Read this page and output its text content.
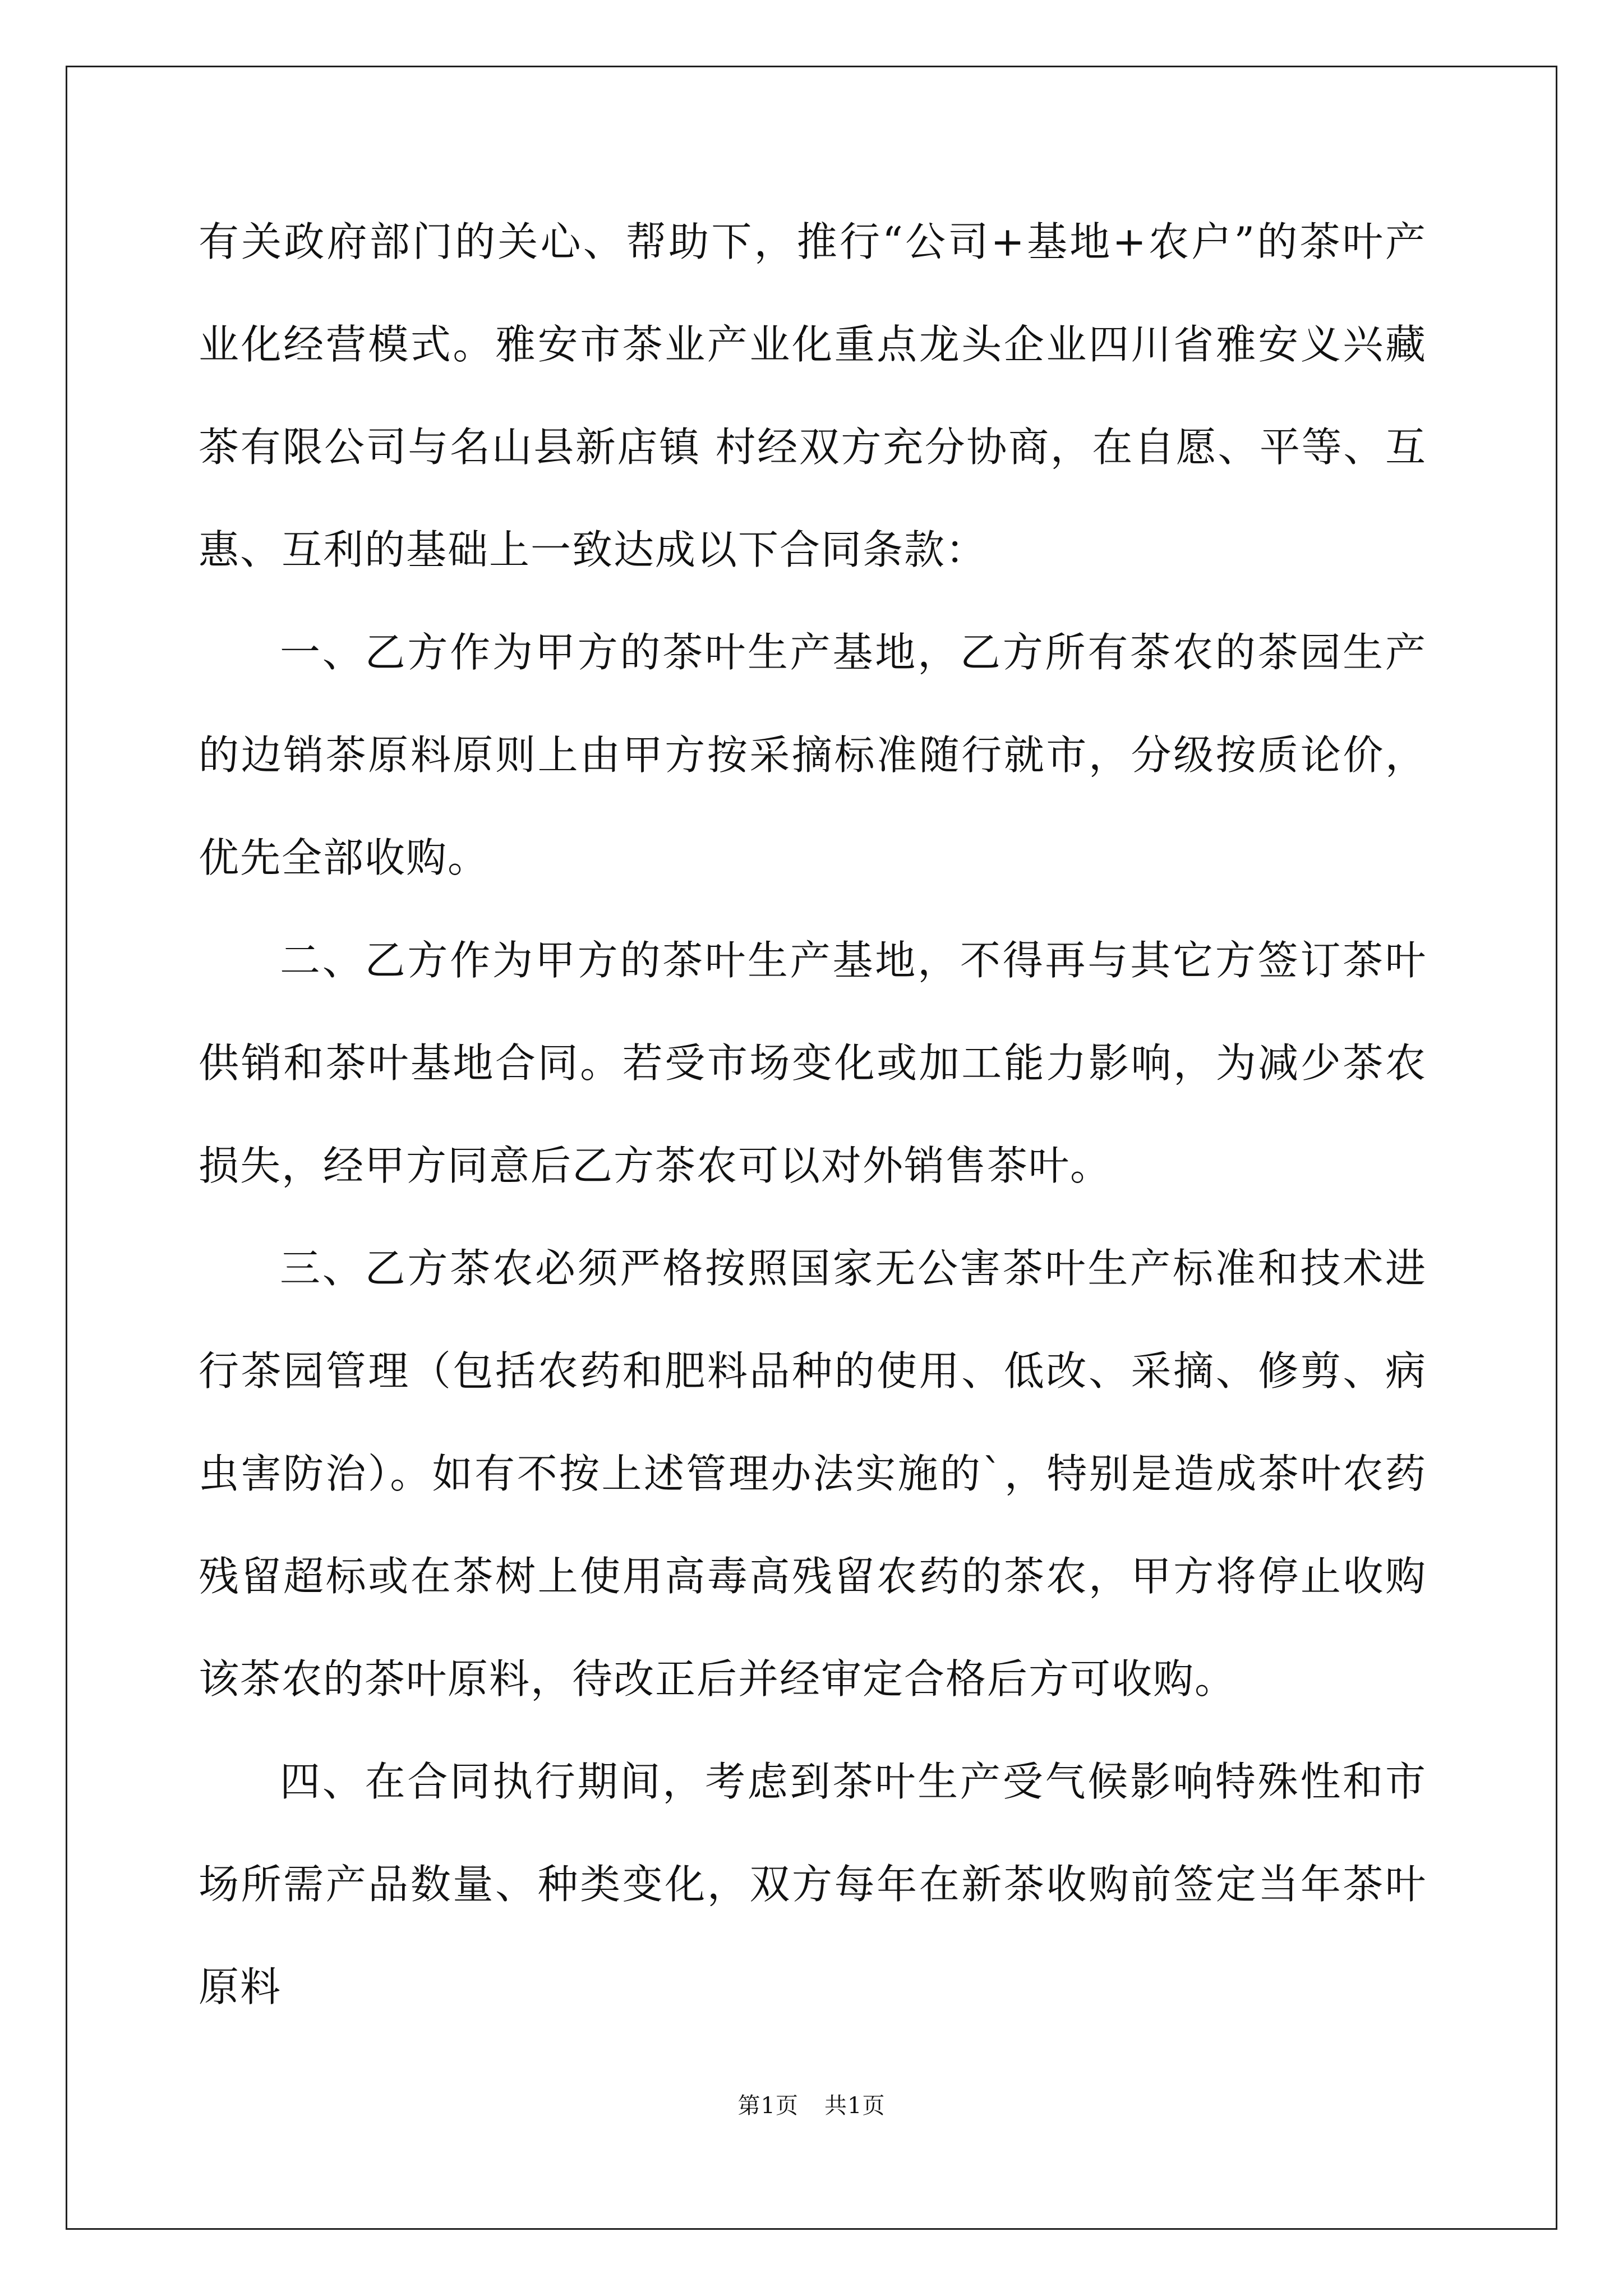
有关政府部门的关心、帮助下，推行“公司+基地+农户”的茶叶产业化经营模式。雅安市茶业产业化重点龙头企业四川省雅安义兴藏茶有限公司与名山县新店镇 村经双方充分协商，在自愿、平等、互惠、互利的基础上一致达成以下合同条款：

一、乙方作为甲方的茶叶生产基地，乙方所有茶农的茶园生产的边销茶原料原则上由甲方按采摘标准随行就市，分级按质论价，优先全部收购。

二、乙方作为甲方的茶叶生产基地，不得再与其它方签订茶叶供销和茶叶基地合同。若受市场变化或加工能力影响，为减少茶农损失，经甲方同意后乙方茶农可以对外销售茶叶。

三、乙方茶农必须严格按照国家无公害茶叶生产标准和技术进行茶园管理（包括农药和肥料品种的使用、低改、采摘、修剪、病虫害防治）。如有不按上述管理办法实施的`，特别是造成茶叶农药残留超标或在茶树上使用高毒高残留农药的茶农，甲方将停止收购该茶农的茶叶原料，待改正后并经审定合格后方可收购。

四、在合同执行期间，考虑到茶叶生产受气候影响特殊性和市场所需产品数量、种类变化，双方每年在新茶收购前签定当年茶叶原料

第1页 共1页
